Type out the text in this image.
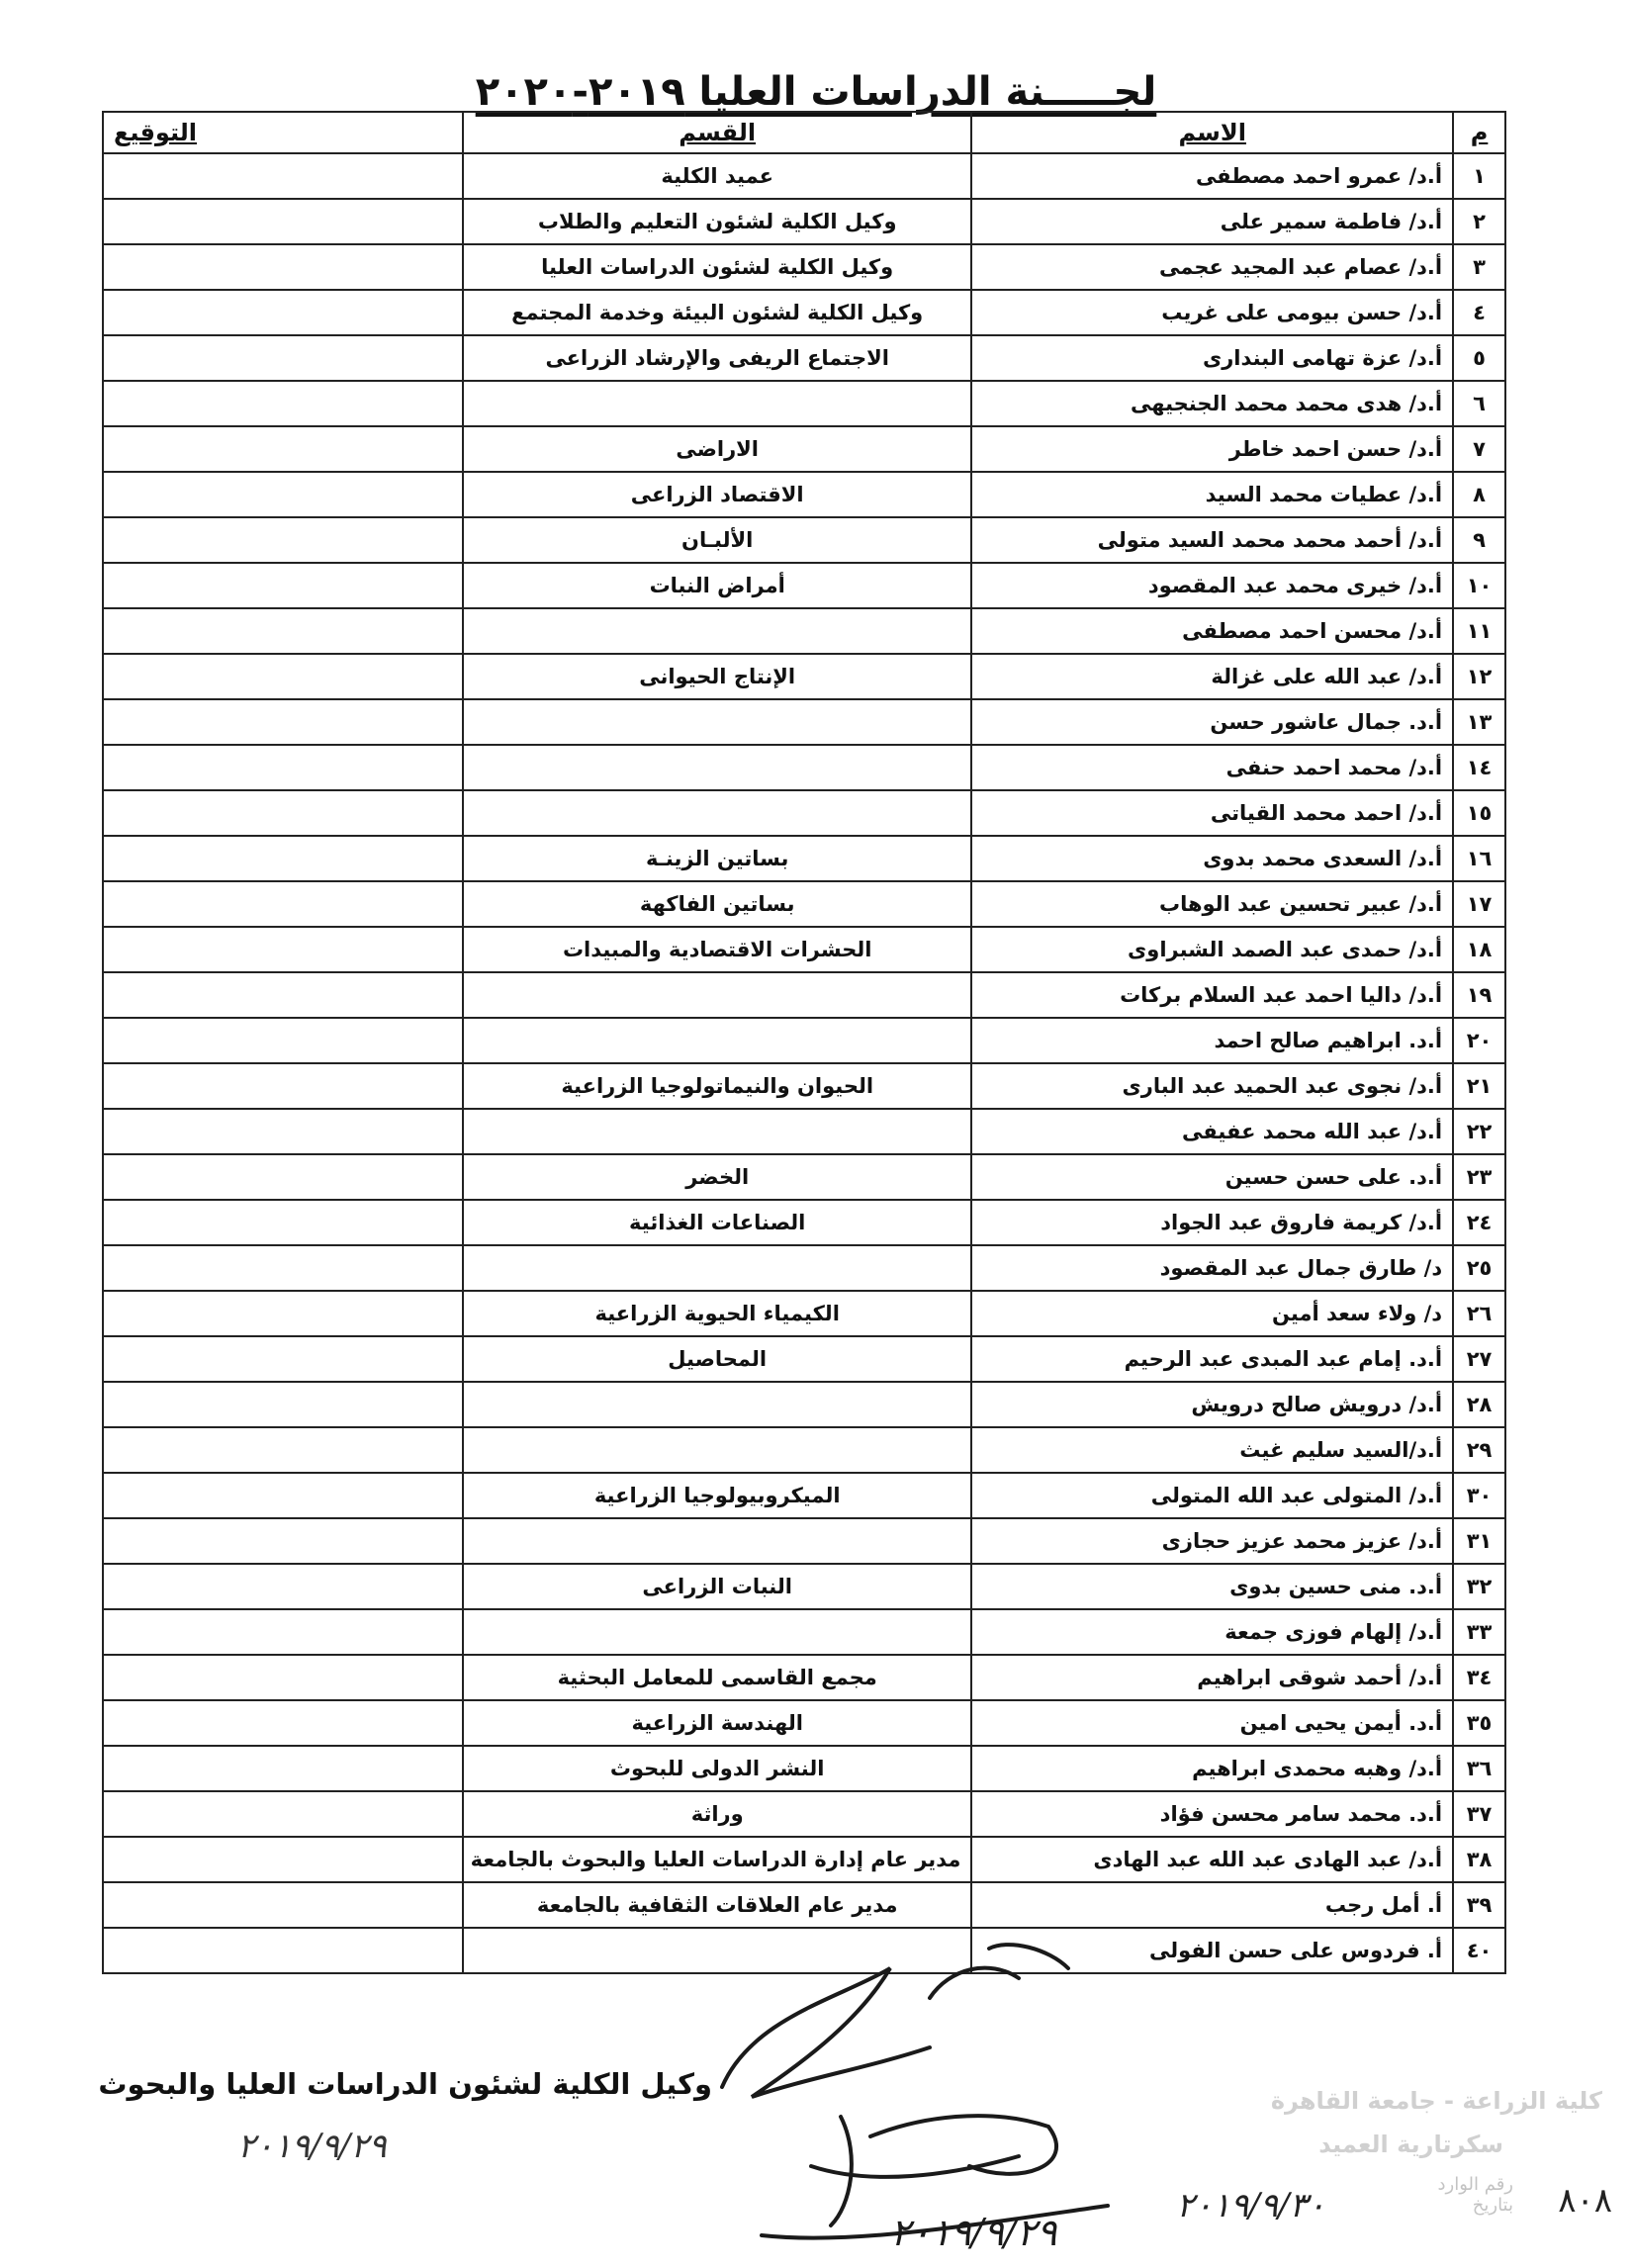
لجـــــنة الدراسات العليا ٢٠١٩-٢٠٢٠
م	الاسم	القسم	التوقيع
١	أ.د/ عمرو احمد مصطفى	عميد الكلية	
٢	أ.د/ فاطمة سمير على	وكيل الكلية لشئون التعليم والطلاب	
٣	أ.د/ عصام عبد المجيد عجمى	وكيل الكلية لشئون الدراسات العليا	
٤	أ.د/ حسن بيومى على غريب	وكيل الكلية لشئون البيئة وخدمة المجتمع	
٥	أ.د/ عزة تهامى البندارى	الاجتماع الريفى والإرشاد الزراعى	
٦	أ.د/ هدى محمد محمد الجنجيهى		
٧	أ.د/ حسن احمد خاطر	الاراضى	
٨	أ.د/ عطيات محمد السيد	الاقتصاد الزراعى	
٩	أ.د/ أحمد محمد محمد السيد متولى	الألبـان	
١٠	أ.د/ خيرى محمد عبد المقصود	أمراض النبات	
١١	أ.د/ محسن احمد مصطفى		
١٢	أ.د/ عبد الله على غزالة	الإنتاج الحيوانى	
١٣	أ.د. جمال عاشور حسن		
١٤	أ.د/ محمد احمد حنفى		
١٥	أ.د/ احمد محمد القياتى		
١٦	أ.د/ السعدى محمد بدوى	بساتين الزينـة	
١٧	أ.د/ عبير تحسين عبد الوهاب	بساتين الفاكهة	
١٨	أ.د/ حمدى عبد الصمد الشبراوى	الحشرات الاقتصادية والمبيدات	
١٩	أ.د/ داليا احمد عبد السلام بركات		
٢٠	أ.د. ابراهيم صالح احمد		
٢١	أ.د/ نجوى عبد الحميد عبد البارى	الحيوان والنيماتولوجيا الزراعية	
٢٢	أ.د/ عبد الله محمد عفيفى		
٢٣	أ.د. على حسن حسين	الخضر	
٢٤	أ.د/ كريمة فاروق عبد الجواد	الصناعات الغذائية	
٢٥	د/ طارق جمال عبد المقصود		
٢٦	د/ ولاء سعد أمين	الكيمياء الحيوية الزراعية	
٢٧	أ.د. إمام عبد المبدى عبد الرحيم	المحاصيل	
٢٨	أ.د/ درويش صالح درويش		
٢٩	أ.د/السيد سليم غيث		
٣٠	أ.د/ المتولى عبد الله المتولى	الميكروبيولوجيا الزراعية	
٣١	أ.د/ عزيز محمد عزيز حجازى		
٣٢	أ.د. منى حسين بدوى	النبات الزراعى	
٣٣	أ.د/ إلهام فوزى جمعة		
٣٤	أ.د/ أحمد شوقى ابراهيم	مجمع القاسمى للمعامل البحثية	
٣٥	أ.د. أيمن يحيى امين	الهندسة الزراعية	
٣٦	أ.د/ وهبه محمدى ابراهيم	النشر الدولى للبحوث	
٣٧	أ.د. محمد سامر محسن فؤاد	وراثة	
٣٨	أ.د/ عبد الهادى عبد الله عبد الهادى	مدير عام إدارة الدراسات العليا والبحوث بالجامعة	
٣٩	أ. أمل رجب	مدير عام العلاقات الثقافية بالجامعة	
٤٠	أ. فردوس على حسن الفولى		
وكيل الكلية لشئون الدراسات العليا والبحوث
٢٠١٩/٩/٢٩
٢٠١٩/٩/٢٩
كلية الزراعة - جامعة القاهرة
سكرتارية العميد
رقم الوارد
بتاريخ ٨٠٨
٢٠١٩/٩/٣٠
